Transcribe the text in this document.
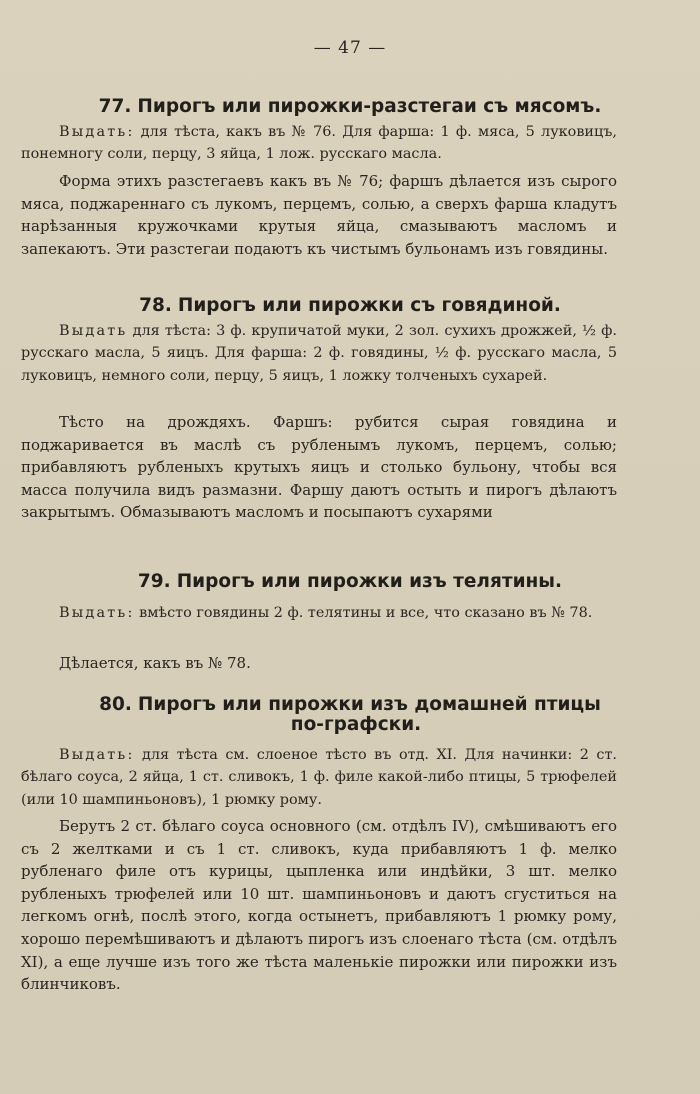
— 47 —
77. Пирогъ или пирожки-разстегаи съ мясомъ.
Выдать: для тѣста, какъ въ № 76. Для фарша: 1 ф. мяса, 5 луковицъ, понемногу соли, перцу, 3 яйца, 1 лож. русскаго масла.
Форма этихъ разстегаевъ какъ въ № 76; фаршъ дѣлается изъ сырого мяса, поджареннаго съ лукомъ, перцемъ, солью, а сверхъ фарша кладутъ нарѣзанныя кружочками крутыя яйца, смазываютъ масломъ и запекаютъ. Эти разстегаи подаютъ къ чистымъ бульонамъ изъ говядины.
78. Пирогъ или пирожки съ говядиной.
Выдать для тѣста: 3 ф. крупичатой муки, 2 зол. сухихъ дрожжей, ½ ф. русскаго масла, 5 яицъ. Для фарша: 2 ф. говядины, ½ ф. русскаго масла, 5 луковицъ, немного соли, перцу, 5 яицъ, 1 ложку толченыхъ сухарей.
Тѣсто на дрождяхъ. Фаршъ: рубится сырая говядина и поджаривается въ маслѣ съ рубленымъ лукомъ, перцемъ, солью; прибавляютъ рубленыхъ крутыхъ яицъ и столько бульону, чтобы вся масса получила видъ размазни. Фаршу даютъ остыть и пирогъ дѣлаютъ закрытымъ. Обмазываютъ масломъ и посыпаютъ сухарями
79. Пирогъ или пирожки изъ телятины.
Выдать: вмѣсто говядины 2 ф. телятины и все, что сказано въ № 78.
Дѣлается, какъ въ № 78.
80. Пирогъ или пирожки изъ домашней птицы
по-графски.
Выдать: для тѣста см. слоеное тѣсто въ отд. XI. Для начинки: 2 ст. бѣлаго соуса, 2 яйца, 1 ст. сливокъ, 1 ф. филе какой-либо птицы, 5 трюфелей (или 10 шампиньоновъ), 1 рюмку рому.
Берутъ 2 ст. бѣлаго соуса основного (см. отдѣлъ IV), смѣшиваютъ его съ 2 желтками и съ 1 ст. сливокъ, куда прибавляютъ 1 ф. мелко рубленаго филе отъ курицы, цыпленка или индѣйки, 3 шт. мелко рубленыхъ трюфелей или 10 шт. шампиньоновъ и даютъ сгуститься на легкомъ огнѣ, послѣ этого, когда остынетъ, прибавляютъ 1 рюмку рому, хорошо перемѣшиваютъ и дѣлаютъ пирогъ изъ слоенаго тѣста (см. отдѣлъ XI), а еще лучше изъ того же тѣста маленькіе пирожки или пирожки изъ блинчиковъ.
